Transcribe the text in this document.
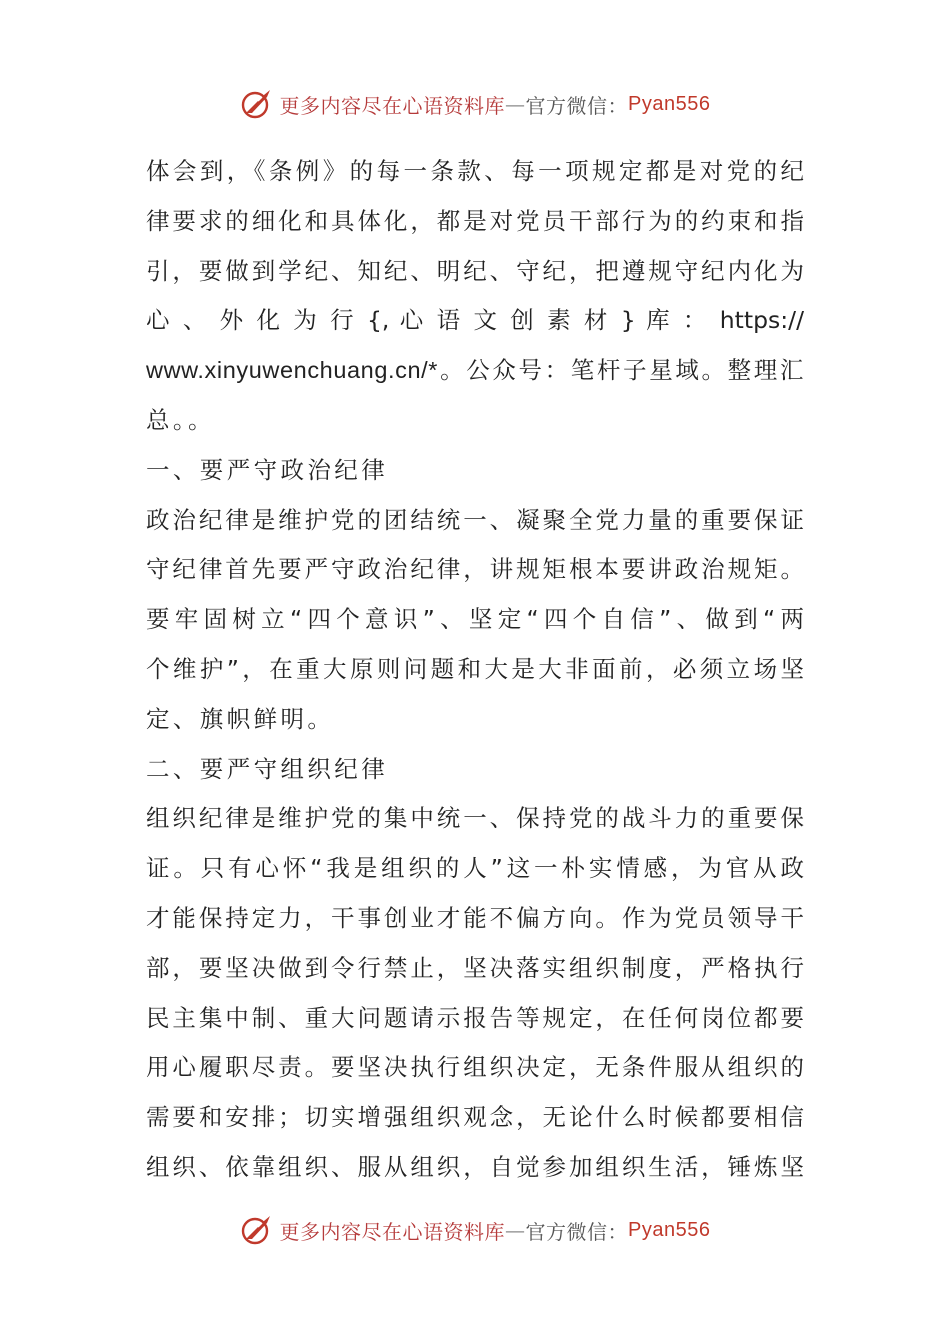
更多内容尽在心语资料库 — 官方微信： Pyan556
体会到，《条例》的每一条款、每一项规定都是对党的纪
律要求的细化和具体化，都是对党员干部行为的约束和指
引，要做到学纪、知纪、明纪、守纪，把遵规守纪内化为
心 、 外 化 为 行 {, 心 语 文 创 素 材 } 库 ： https://
www.xinyuwenchuang.cn/*。公众号：笔杆子星域。整理汇
总。。
一、要严守政治纪律
政治纪律是维护党的团结统一、凝聚全党力量的重要保证
守纪律首先要严守政治纪律，讲规矩根本要讲政治规矩。
要牢固树立“四个意识”、坚定“四个自信”、做到“两
个维护”，在重大原则问题和大是大非面前，必须立场坚
定、旗帜鲜明。
二、要严守组织纪律
组织纪律是维护党的集中统一、保持党的战斗力的重要保
证。只有心怀“我是组织的人”这一朴实情感，为官从政
才能保持定力，干事创业才能不偏方向。作为党员领导干
部，要坚决做到令行禁止，坚决落实组织制度，严格执行
民主集中制、重大问题请示报告等规定，在任何岗位都要
用心履职尽责。要坚决执行组织决定，无条件服从组织的
需要和安排；切实增强组织观念，无论什么时候都要相信
组织、依靠组织、服从组织，自觉参加组织生活，锤炼坚
更多内容尽在心语资料库 — 官方微信： Pyan556
